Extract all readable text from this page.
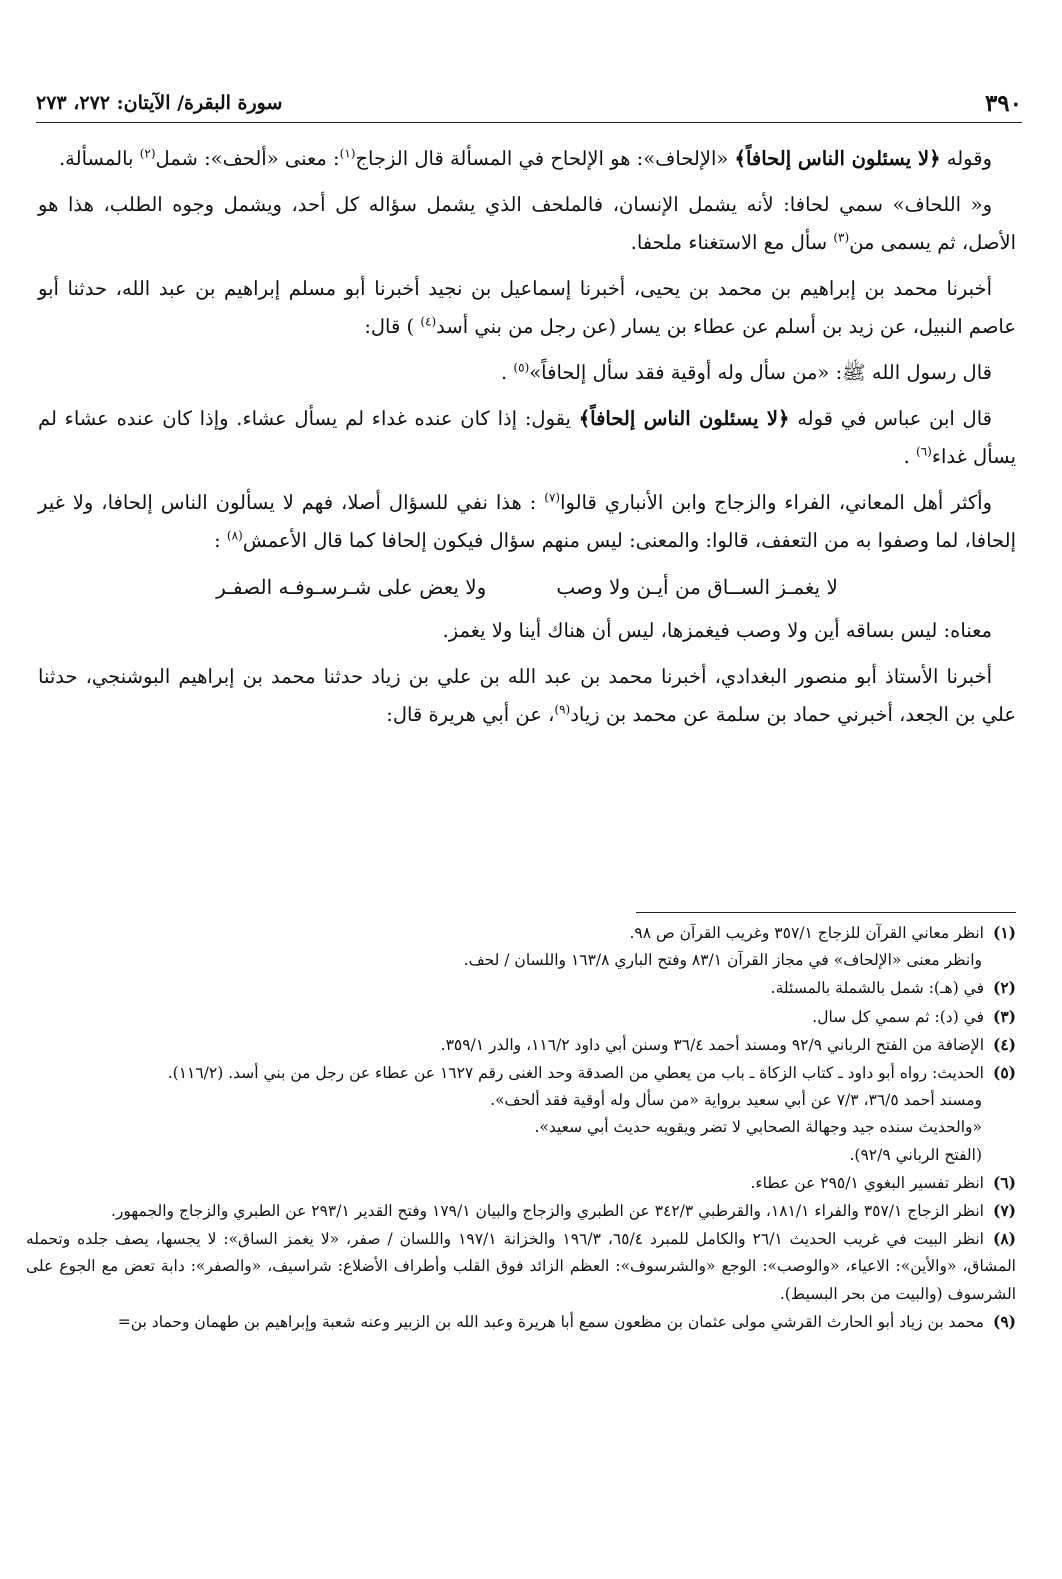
٣٩٠
سورة البقرة/ الآيتان: ٢٧٢، ٢٧٣

وقوله ﴿لا يسئلون الناس إلحافاً﴾ «الإلحاف»: هو الإلحاح في المسألة قال الزجاج$^{(١)}$: معنى «ألحف»: شمل$^{(٢)}$ بالمسألة.

و« اللحاف» سمي لحافا: لأنه يشمل الإنسان، فالملحف الذي يشمل سؤاله كل أحد، ويشمل وجوه الطلب، هذا هو الأصل، ثم يسمى من$^{(٣)}$ سأل مع الاستغناء ملحفا.

أخبرنا محمد بن إبراهيم بن محمد بن يحيى، أخبرنا إسماعيل بن نجيد أخبرنا أبو مسلم إبراهيم بن عبد الله، حدثنا أبو عاصم النبيل، عن زيد بن أسلم عن عطاء بن يسار (عن رجل من بني أسد$^{(٤)}$ ) قال:

قال رسول الله ﷺ: «من سأل وله أوقية فقد سأل إلحافاً»$^{(٥)}$ .

قال ابن عباس في قوله ﴿لا يسئلون الناس إلحافاً﴾ يقول: إذا كان عنده غداء لم يسأل عشاء. وإذا كان عنده عشاء لم يسأل غداء$^{(٦)}$ .

وأكثر أهل المعاني، الفراء والزجاج وابن الأنباري قالوا$^{(٧)}$ : هذا نفي للسؤال أصلا، فهم لا يسألون الناس إلحافا، ولا غير إلحافا، لما وصفوا به من التعفف، قالوا: والمعنى: ليس منهم سؤال فيكون إلحافا كما قال الأعمش$^{(٨)}$ :

لا يغمـز الســاق من أيـن ولا وصب
ولا يعض على شـرسـوفـه الصفـر

معناه: ليس بساقه أين ولا وصب فيغمزها، ليس أن هناك أينا ولا يغمز.

أخبرنا الأستاذ أبو منصور البغدادي، أخبرنا محمد بن عبد الله بن علي بن زياد حدثنا محمد بن إبراهيم البوشنجي، حدثنا علي بن الجعد، أخبرني حماد بن سلمة عن محمد بن زياد$^{(٩)}$، عن أبي هريرة قال:

(١)انظر معاني القرآن للزجاج ٣٥٧/١ وغريب القرآن ص ٩٨.

وانظر معنى «الإلحاف» في مجاز القرآن ٨٣/١ وفتح الباري ١٦٣/٨ واللسان / لحف.

(٢)في (هـ): شمل بالشملة بالمسئلة.

(٣)في (د): ثم سمي كل سال.

(٤)الإضافة من الفتح الرباني ٩٢/٩ ومسند أحمد ٣٦/٤ وسنن أبي داود ١١٦/٢، والدر ٣٥٩/١.

(٥)الحديث: رواه أبو داود ـ كتاب الزكاة ـ باب من يعطي من الصدقة وحد الغنى رقم ١٦٢٧ عن عطاء عن رجل من بني أسد. (١١٦/٢).

ومسند أحمد ٣٦/٥، ٧/٣ عن أبي سعيد برواية «من سأل وله أوقية فقد ألحف».

«والحديث سنده جيد وجهالة الصحابي لا تضر ويقويه حديث أبي سعيد».

(الفتح الرباني ٩٢/٩).

(٦)انظر تفسير البغوي ٢٩٥/١ عن عطاء.

(٧)انظر الزجاج ٣٥٧/١ والفراء ١٨١/١، والقرطبي ٣٤٢/٣ عن الطبري والزجاج والبيان ١٧٩/١ وفتح القدير ٢٩٣/١ عن الطبري والزجاج والجمهور.

(٨)انظر البيت في غريب الحديث ٢٦/١ والكامل للمبرد ٦٥/٤، ١٩٦/٣ والخزانة ١٩٧/١ واللسان / صفر، «لا يغمز الساق»: لا يجسها، يصف جلده وتحمله المشاق، «والأين»: الاعياء، «والوصب»: الوجع «والشرسوف»: العظم الزائد فوق القلب وأطراف الأضلاع: شراسيف، «والصفر»: دابة تعض مع الجوع على الشرسوف (والبيت من بحر البسيط).

(٩)محمد بن زياد أبو الحارث القرشي مولى عثمان بن مظعون سمع أبا هريرة وعبد الله بن الزبير وعنه شعبة وإبراهيم بن طهمان وحماد بن=
